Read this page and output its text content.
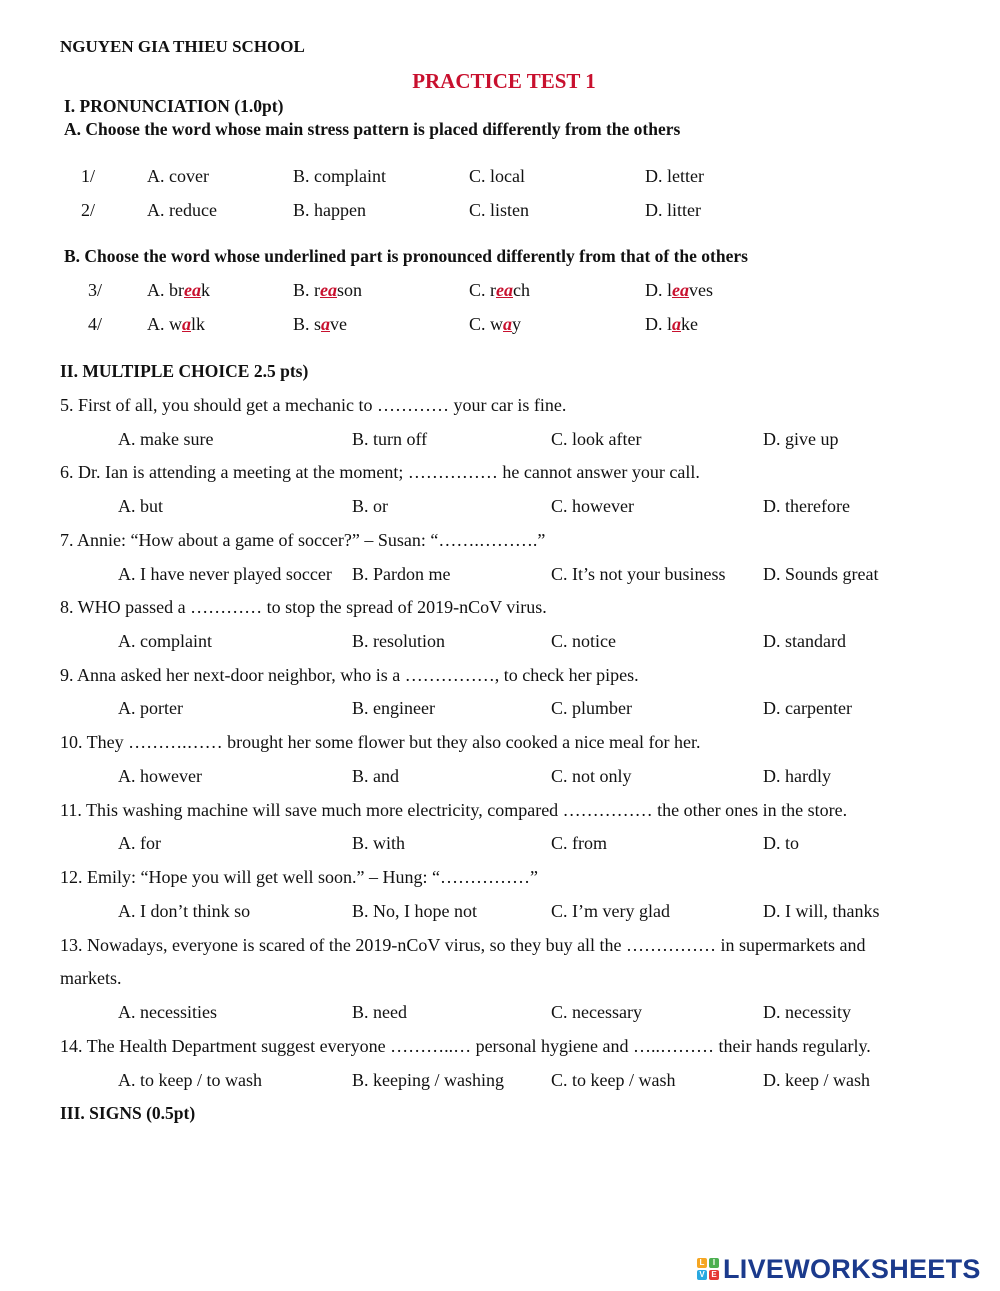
NGUYEN GIA THIEU SCHOOL
PRACTICE TEST 1
I. PRONUNCIATION (1.0pt)
A. Choose the word whose main stress pattern is placed differently from the others
1/	A. cover	B. complaint	C. local	D. letter
2/	A. reduce	B. happen	C. listen	D. litter
B. Choose the word whose underlined part is pronounced differently from that of the others
3/ A. break	B. reason	C. reach	D. leaves
4/ A. walk	B. save	C. way	D. lake
II. MULTIPLE CHOICE 2.5 pts)
5. First of all, you should get a mechanic to ………… your car is fine.
A. make sure	B. turn off	C. look after	D. give up
6. Dr. Ian is attending a meeting at the moment; …………… he cannot answer your call.
A. but	B. or	C. however	D. therefore
7. Annie: “How about a game of soccer?” – Susan: “…….……….”
A. I have never played soccer B. Pardon me	C. It’s not your business D. Sounds great
8. WHO passed a ………… to stop the spread of 2019-nCoV virus.
A. complaint	B. resolution	C. notice	D. standard
9. Anna asked her next-door neighbor, who is a ……………, to check her pipes.
A. porter	B. engineer	C. plumber	D. carpenter
10. They ……….…… brought her some flower but they also cooked a nice meal for her.
A. however	B. and	C. not only	D. hardly
11. This washing machine will save much more electricity, compared …………… the other ones in the store.
A. for	B. with	C. from	D. to
12. Emily: “Hope you will get well soon.” – Hung: “……………”
A. I don’t think so	B. No, I hope not	C. I’m very glad	D. I will, thanks
13. Nowadays, everyone is scared of the 2019-nCoV virus, so they buy all the …………… in supermarkets and
markets.
A. necessities	B. need	C. necessary	D. necessity
14. The Health Department suggest everyone ………..… personal hygiene and …..……… their hands regularly.
A. to keep / to wash	B. keeping / washing	C. to keep / wash	D. keep / wash
III. SIGNS (0.5pt)
L	I
V E LIVEWORKSHEETS
